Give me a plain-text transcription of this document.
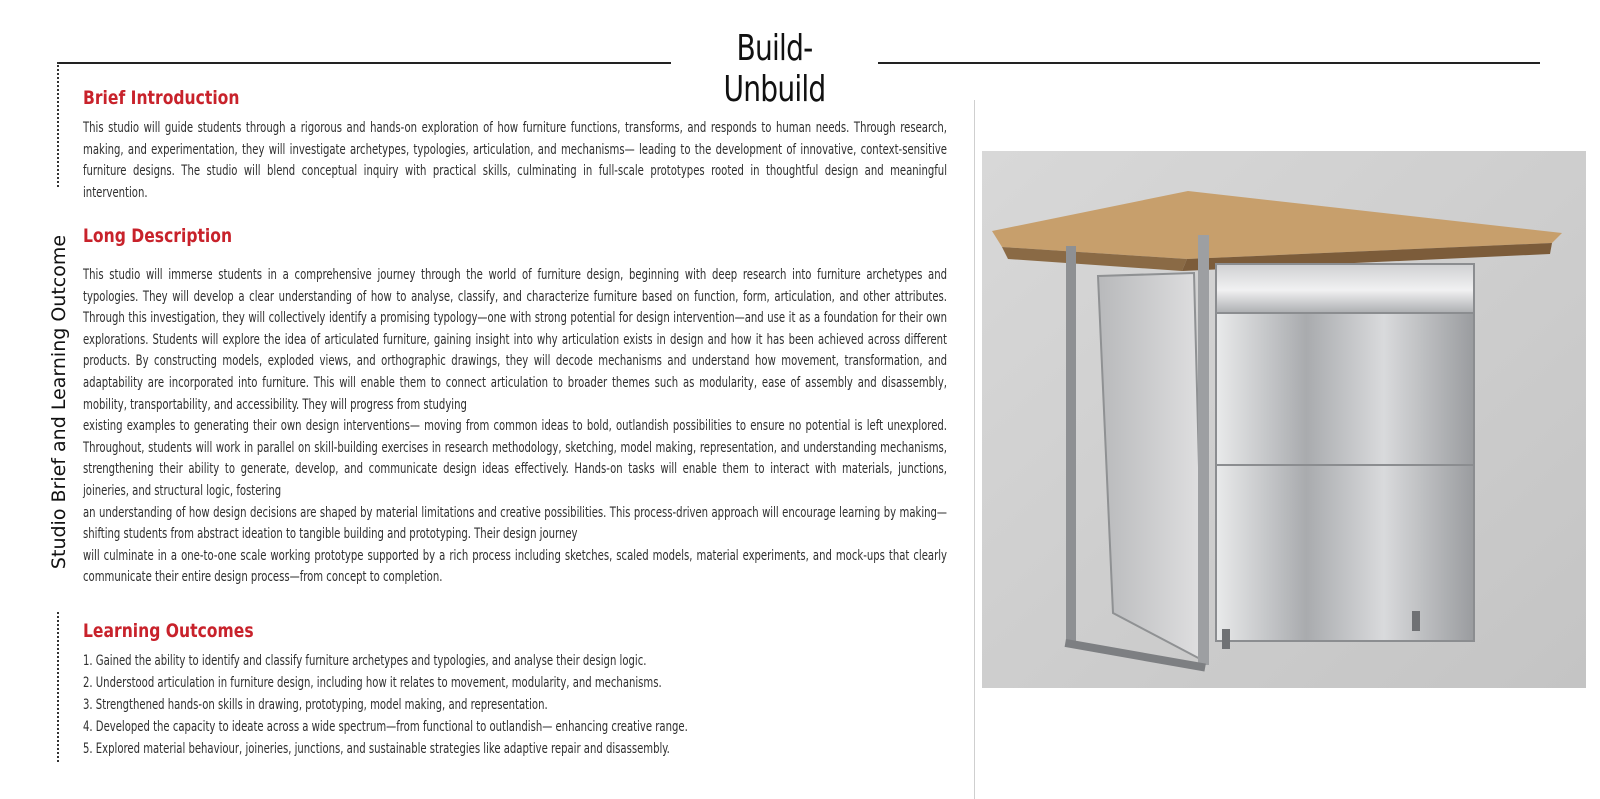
Build-Unbuild
Studio Brief and Learning Outcome
Brief Introduction
This studio will guide students through a rigorous and hands-on exploration of how furniture functions, transforms, and responds to human needs. Through research, making, and experimentation, they will investigate archetypes, typologies, articulation, and mechanisms— leading to the development of innovative, context-sensitive furniture designs. The studio will blend conceptual inquiry with practical skills, culminating in full-scale prototypes rooted in thoughtful design and meaningful intervention.
Long Description

This studio will immerse students in a comprehensive journey through the world of furniture design, beginning with deep research into furniture archetypes and typologies. They will develop a clear understanding of how to analyse, classify, and characterize furniture based on function, form, articulation, and other attributes. Through this investigation, they will collectively identify a promising typology—one with strong potential for design intervention—and use it as a foundation for their own explorations. Students will explore the idea of articulated furniture, gaining insight into why articulation exists in design and how it has been achieved across different products. By constructing models, exploded views, and orthographic drawings, they will decode mechanisms and understand how movement, transformation, and adaptability are incorporated into furniture. This will enable them to connect articulation to broader themes such as modularity, ease of assembly and disassembly, mobility, transportability, and accessibility. They will progress from studying

existing examples to generating their own design interventions— moving from common ideas to bold, outlandish possibilities to ensure no potential is left unexplored. Throughout, students will work in parallel on skill-building exercises in research methodology, sketching, model making, representation, and understanding mechanisms, strengthening their ability to generate, develop, and communicate design ideas effectively. Hands-on tasks will enable them to interact with materials, junctions, joineries, and structural logic, fostering

an understanding of how design decisions are shaped by material limitations and creative possibilities. This process-driven approach will encourage learning by making—shifting students from abstract ideation to tangible building and prototyping. Their design journey

will culminate in a one-to-one scale working prototype supported by a rich process including sketches, scaled models, material experiments, and mock-ups that clearly communicate their entire design process—from concept to completion.

Learning Outcomes
1. Gained the ability to identify and classify furniture archetypes and typologies, and analyse their design logic.
2. Understood articulation in furniture design, including how it relates to movement, modularity, and mechanisms.
3. Strengthened hands-on skills in drawing, prototyping, model making, and representation.
4. Developed the capacity to ideate across a wide spectrum—from functional to outlandish— enhancing creative range.
5. Explored material behaviour, joineries, junctions, and sustainable strategies like adaptive repair and disassembly.
